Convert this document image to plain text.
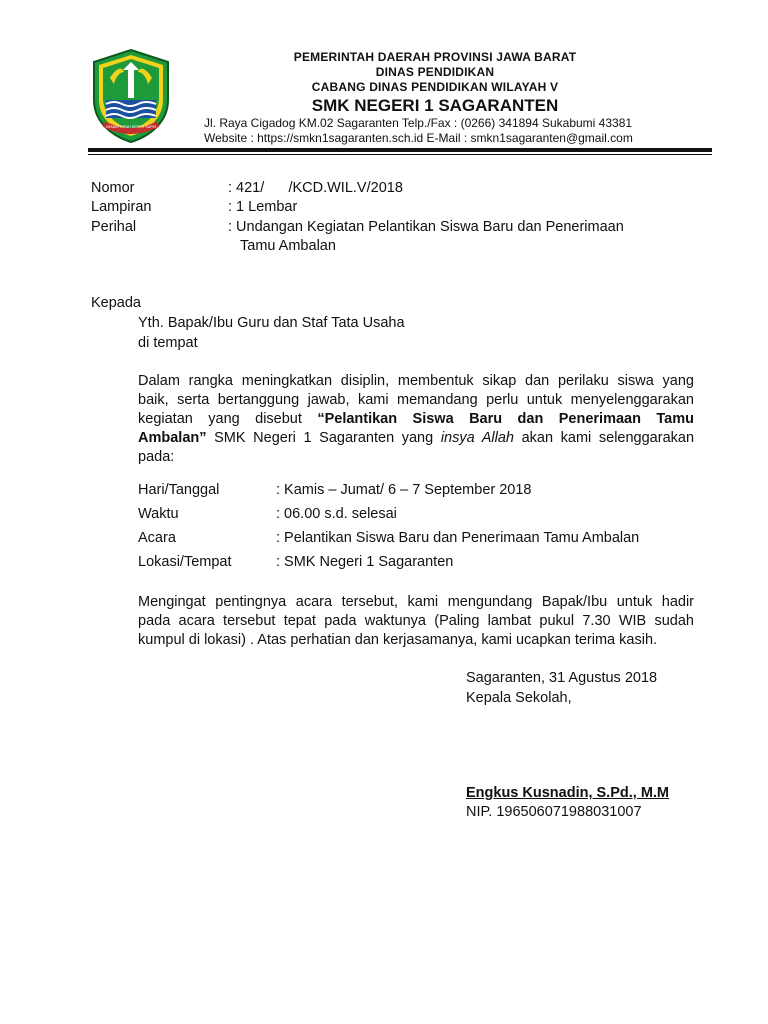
GEMAH RIPAH REPEH RAPIH
PEMERINTAH DAERAH PROVINSI JAWA BARAT
DINAS PENDIDIKAN
CABANG DINAS PENDIDIKAN WILAYAH V
SMK NEGERI 1 SAGARANTEN
Jl. Raya Cigadog KM.02 Sagaranten Telp./Fax : (0266) 341894 Sukabumi 43381
Website : https://smkn1sagaranten.sch.id E-Mail : smkn1sagaranten@gmail.com
Nomor	: 421/      /KCD.WIL.V/2018
Lampiran	: 1 Lembar
Perihal	: Undangan Kegiatan Pelantikan Siswa Baru dan Penerimaan
Tamu Ambalan
Kepada
Yth. Bapak/Ibu Guru dan Staf Tata Usaha
di tempat
Dalam rangka meningkatkan disiplin, membentuk sikap dan perilaku siswa yang
baik, serta bertanggung jawab, kami memandang perlu untuk menyelenggarakan
kegiatan yang disebut “Pelantikan Siswa Baru dan Penerimaan Tamu
Ambalan” SMK Negeri 1 Sagaranten yang insya Allah akan kami selenggarakan
pada:
Hari/Tanggal	: Kamis – Jumat/ 6 – 7 September 2018
Waktu	: 06.00 s.d. selesai
Acara	: Pelantikan Siswa Baru dan Penerimaan Tamu Ambalan
Lokasi/Tempat	: SMK Negeri 1 Sagaranten
Mengingat pentingnya acara tersebut, kami mengundang Bapak/Ibu untuk hadir
pada acara tersebut tepat pada waktunya (Paling lambat pukul 7.30 WIB sudah
kumpul di lokasi) . Atas perhatian dan kerjasamanya, kami ucapkan terima kasih.
Sagaranten, 31 Agustus 2018
Kepala Sekolah,
Engkus Kusnadin, S.Pd., M.M
NIP. 196506071988031007
